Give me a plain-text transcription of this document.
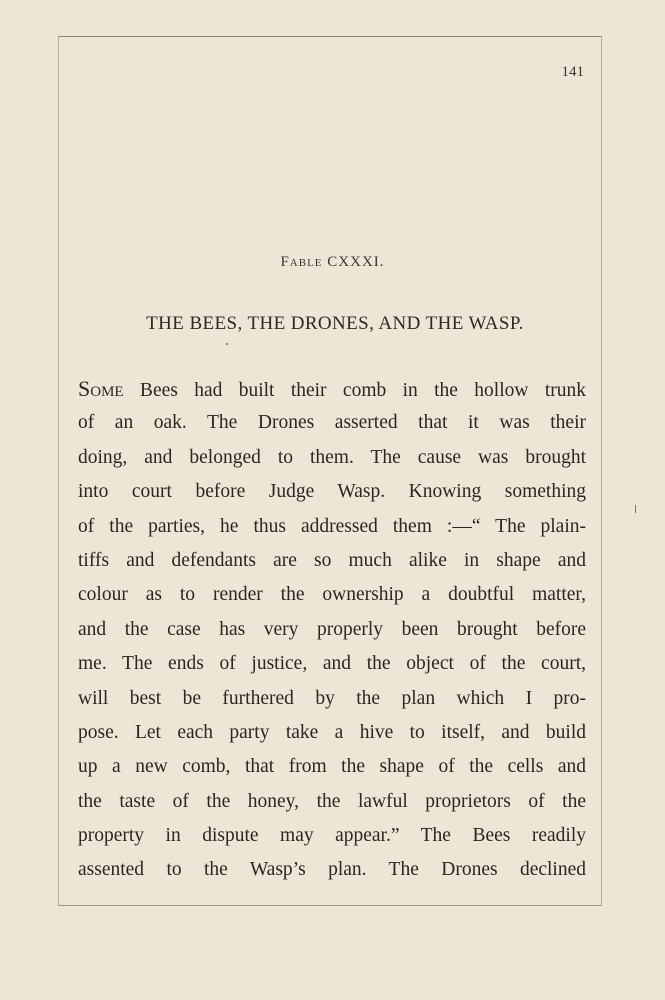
141
Fable CXXXI.
THE BEES, THE DRONES, AND THE WASP.
Some Bees had built their comb in the hollow trunk
of an oak. The Drones asserted that it was their
doing, and belonged to them. The cause was brought
into court before Judge Wasp. Knowing something
of the parties, he thus addressed them :—“ The plain-
tiffs and defendants are so much alike in shape and
colour as to render the ownership a doubtful matter,
and the case has very properly been brought before
me. The ends of justice, and the object of the court,
will best be furthered by the plan which I pro-
pose. Let each party take a hive to itself, and build
up a new comb, that from the shape of the cells and
the taste of the honey, the lawful proprietors of the
property in dispute may appear.” The Bees readily
assented to the Wasp’s plan. The Drones declined
